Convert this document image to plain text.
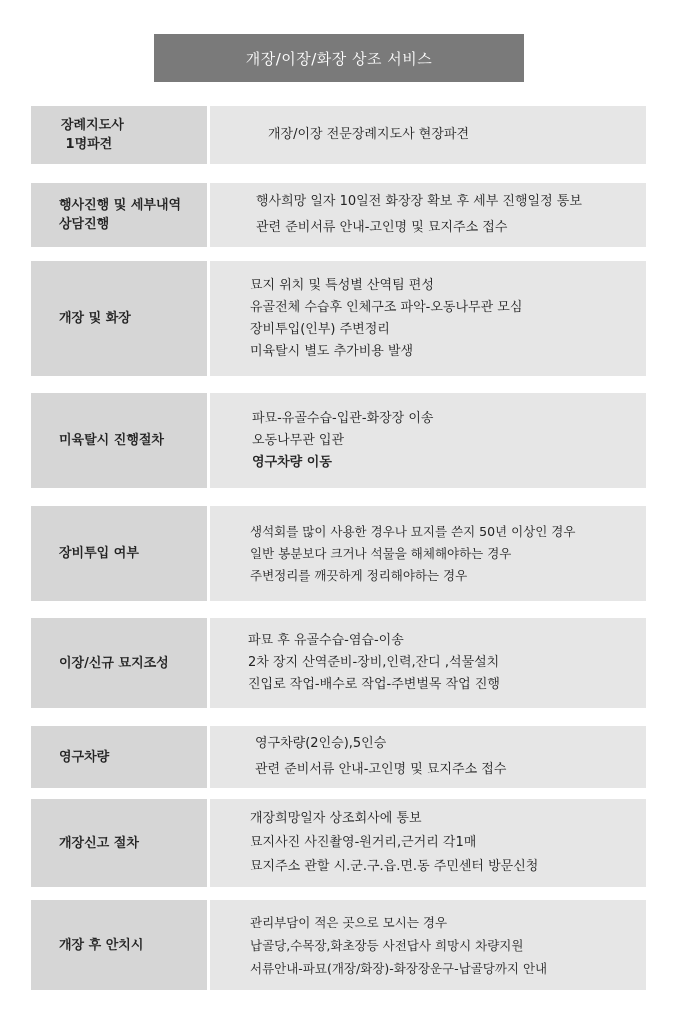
개장/이장/화장 상조 서비스
장례지도사
1명파견
개장/이장 전문장례지도사 현장파견
행사진행 및 세부내역
상담진행
행사희망 일자 10일전 화장장 확보 후 세부 진행일정 통보
관련 준비서류 안내-고인명 및 묘지주소 접수
개장 및 화장
묘지 위치 및 특성별 산역팀 편성
유골전체 수습후 인체구조 파악-오동나무관 모심
장비투입(인부) 주변정리
미육탈시 별도 추가비용 발생
미육탈시 진행절차
파묘-유골수습-입관-화장장 이송
오동나무관 입관
영구차량 이동
장비투입 여부
생석회를 많이 사용한 경우나 묘지를 쓴지 50년 이상인 경우
일반 봉분보다 크거나 석물을 해체해야하는 경우
주변정리를 깨끗하게 정리해야하는 경우
이장/신규 묘지조성
파묘 후 유골수습-염습-이송
2차 장지 산역준비-장비,인력,잔디 ,석물설치
진입로 작업-배수로 작업-주변벌목 작업 진행
영구차량
영구차량(2인승),5인승
관련 준비서류 안내-고인명 및 묘지주소 접수
개장신고 절차
개장희망일자 상조회사에 통보
묘지사진 사진촬영-원거리,근거리 각1매
묘지주소 관할 시.군.구.읍.면.동 주민센터 방문신청
개장 후 안치시
관리부담이 적은 곳으로 모시는 경우
납골당,수목장,화초장등 사전답사 희망시 차량지원
서류안내-파묘(개장/화장)-화장장운구-납골당까지 안내
